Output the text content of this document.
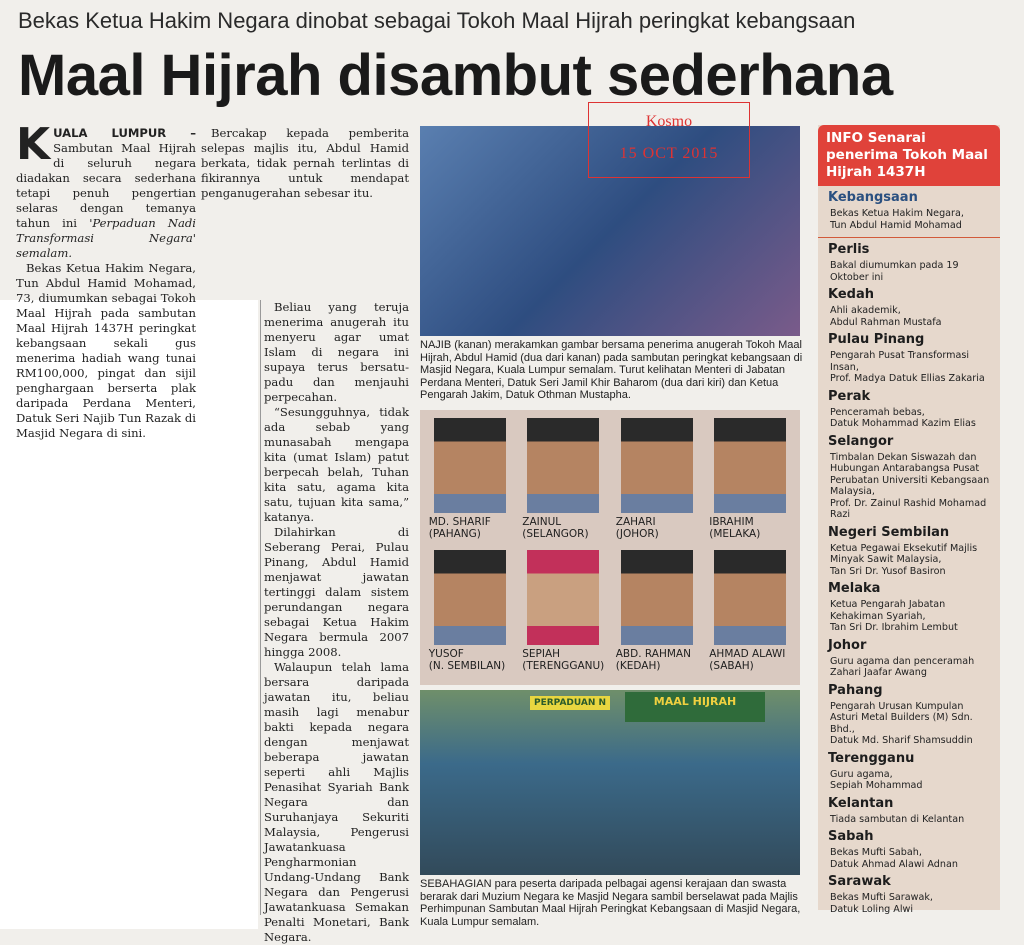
Bekas Ketua Hakim Negara dinobat sebagai Tokoh Maal Hijrah peringkat kebangsaan
Maal Hijrah disambut sederhana

KUALA LUMPUR – Sambutan Maal Hijrah di seluruh negara diadakan secara sederhana tetapi penuh pengertian selaras dengan temanya tahun ini 'Perpaduan Nadi Transformasi Negara' semalam.

Bekas Ketua Hakim Negara, Tun Abdul Hamid Mohamad, 73, diumumkan sebagai Tokoh Maal Hijrah pada sambutan Maal Hijrah 1437H peringkat kebangsaan sekali gus menerima hadiah wang tunai RM100,000, pingat dan sijil penghargaan berserta plak daripada Perdana Menteri, Datuk Seri Najib Tun Razak di Masjid Negara di sini.

Bercakap kepada pemberita selepas majlis itu, Abdul Hamid berkata, tidak pernah terlintas di fikirannya untuk mendapat penganugerahan sebesar itu.

Beliau yang teruja menerima anugerah itu menyeru agar umat Islam di negara ini supaya terus bersatu-padu dan menjauhi perpecahan.

“Sesungguhnya, tidak ada sebab yang munasabah mengapa kita (umat Islam) patut berpecah belah, Tuhan kita satu, agama kita satu, tujuan kita sama,” katanya.

Dilahirkan di Seberang Perai, Pulau Pinang, Abdul Hamid menjawat jawatan tertinggi dalam sistem perundangan negara sebagai Ketua Hakim Negara bermula 2007 hingga 2008.

Walaupun telah lama bersara daripada jawatan itu, beliau masih lagi menabur bakti kepada negara dengan menjawat beberapa jawatan seperti ahli Majlis Penasihat Syariah Bank Negara dan Suruhanjaya Sekuriti Malaysia, Pengerusi Jawatankuasa Pengharmonian Undang-Undang Bank Negara dan Pengerusi Jawatankuasa Semakan Penalti Monetari, Bank Negara.

Kosmo
15 OCT 2015
NAJIB (kanan) merakamkan gambar bersama penerima anugerah Tokoh Maal Hijrah, Abdul Hamid (dua dari kanan) pada sambutan peringkat kebangsaan di Masjid Negara, Kuala Lumpur semalam. Turut kelihatan Menteri di Jabatan Perdana Menteri, Datuk Seri Jamil Khir Baharom (dua dari kiri) dan Ketua Pengarah Jakim, Datuk Othman Mustapha.
MD. SHARIF
(PAHANG)
ZAINUL
(SELANGOR)
ZAHARI
(JOHOR)
IBRAHIM
(MELAKA)
YUSOF
(N. SEMBILAN)
SEPIAH
(TERENGGANU)
ABD. RAHMAN
(KEDAH)
AHMAD ALAWI
(SABAH)
PERPADUAN N	MAAL HIJRAH
SEBAHAGIAN para peserta daripada pelbagai agensi kerajaan dan swasta berarak dari Muzium Negara ke Masjid Negara sambil berselawat pada Majlis Perhimpunan Sambutan Maal Hijrah Peringkat Kebangsaan di Masjid Negara, Kuala Lumpur semalam.
INFO Senarai penerima Tokoh Maal Hijrah 1437H
Kebangsaan
Bekas Ketua Hakim Negara,
Tun Abdul Hamid Mohamad
Perlis
Bakal diumumkan pada 19
Oktober ini
Kedah
Ahli akademik,
Abdul Rahman Mustafa
Pulau Pinang
Pengarah Pusat Transformasi
Insan,
Prof. Madya Datuk Ellias Zakaria
Perak
Penceramah bebas,
Datuk Mohammad Kazim Elias
Selangor
Timbalan Dekan Siswazah dan
Hubungan Antarabangsa Pusat
Perubatan Universiti Kebangsaan
Malaysia,
Prof. Dr. Zainul Rashid Mohamad
Razi
Negeri Sembilan
Ketua Pegawai Eksekutif Majlis
Minyak Sawit Malaysia,
Tan Sri Dr. Yusof Basiron
Melaka
Ketua Pengarah Jabatan
Kehakiman Syariah,
Tan Sri Dr. Ibrahim Lembut
Johor
Guru agama dan penceramah
Zahari Jaafar Awang
Pahang
Pengarah Urusan Kumpulan
Asturi Metal Builders (M) Sdn.
Bhd.,
Datuk Md. Sharif Shamsuddin
Terengganu
Guru agama,
Sepiah Mohammad
Kelantan
Tiada sambutan di Kelantan
Sabah
Bekas Mufti Sabah,
Datuk Ahmad Alawi Adnan
Sarawak
Bekas Mufti Sarawak,
Datuk Loling Alwi
